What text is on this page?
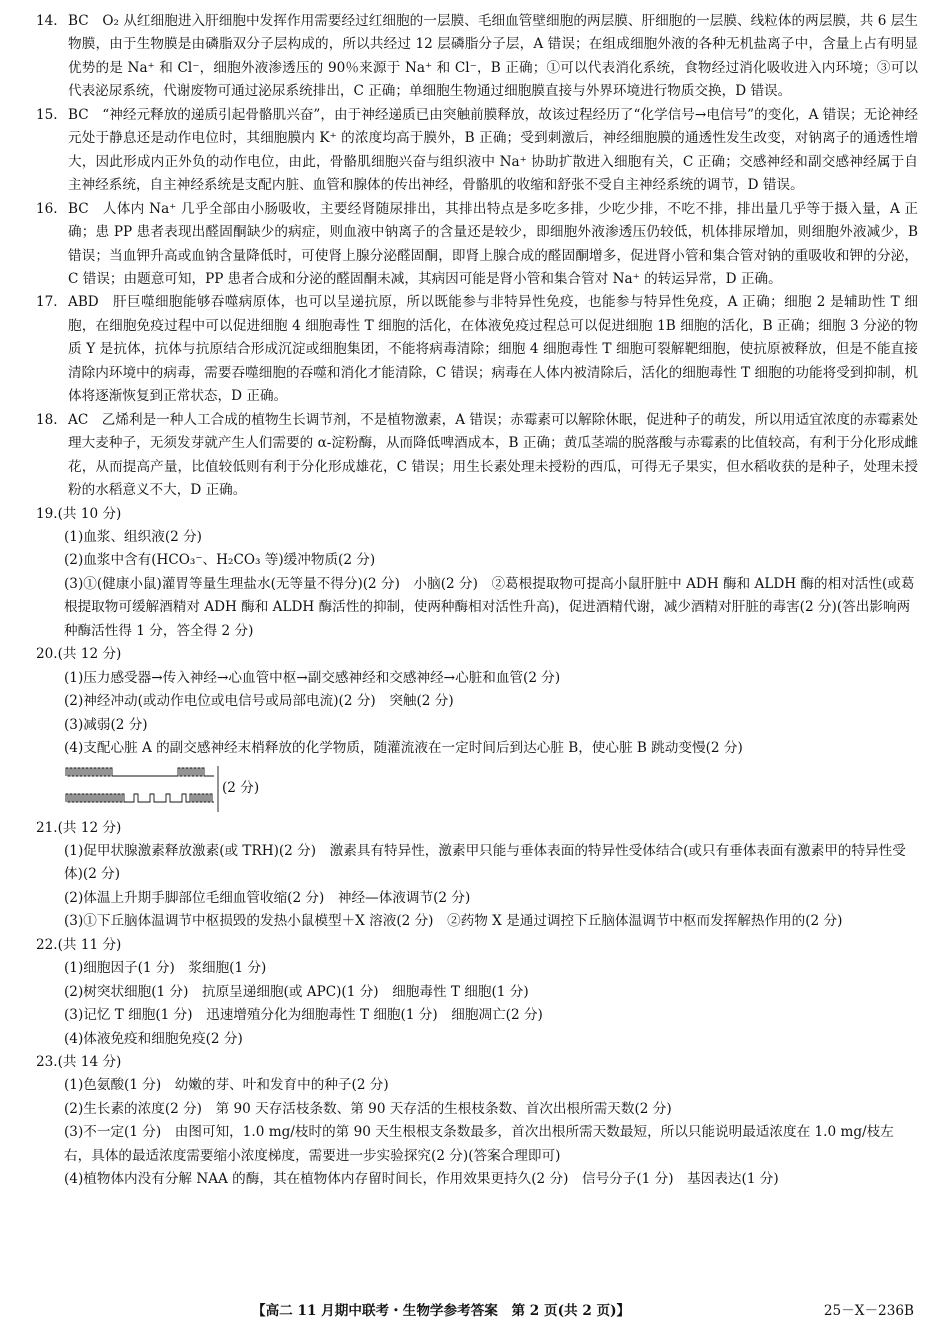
14. BC　O₂ 从红细胞进入肝细胞中发挥作用需要经过红细胞的一层膜、毛细血管壁细胞的两层膜、肝细胞的一层膜、线粒体的两层膜，共 6 层生物膜，由于生物膜是由磷脂双分子层构成的，所以共经过 12 层磷脂分子层，A 错误；在组成细胞外液的各种无机盐离子中，含量上占有明显优势的是 Na⁺ 和 Cl⁻，细胞外液渗透压的 90％来源于 Na⁺ 和 Cl⁻，B 正确；①可以代表消化系统，食物经过消化吸收进入内环境；③可以代表泌尿系统，代谢废物可通过泌尿系统排出，C 正确；单细胞生物通过细胞膜直接与外界环境进行物质交换，D 错误。
15. BC　“神经元释放的递质引起骨骼肌兴奋”，由于神经递质已由突触前膜释放，故该过程经历了“化学信号→电信号”的变化，A 错误；无论神经元处于静息还是动作电位时，其细胞膜内 K⁺ 的浓度均高于膜外，B 正确；受到刺激后，神经细胞膜的通透性发生改变，对钠离子的通透性增大，因此形成内正外负的动作电位，由此，骨骼肌细胞兴奋与组织液中 Na⁺ 协助扩散进入细胞有关，C 正确；交感神经和副交感神经属于自主神经系统，自主神经系统是支配内脏、血管和腺体的传出神经，骨骼肌的收缩和舒张不受自主神经系统的调节，D 错误。
16. BC　人体内 Na⁺ 几乎全部由小肠吸收，主要经肾随尿排出，其排出特点是多吃多排，少吃少排，不吃不排，排出量几乎等于摄入量，A 正确；患 PP 患者表现出醛固酮缺少的病症，则血液中钠离子的含量还是较少，即细胞外液渗透压仍较低，机体排尿增加，则细胞外液减少，B 错误；当血钾升高或血钠含量降低时，可使肾上腺分泌醛固酮，即肾上腺合成的醛固酮增多，促进肾小管和集合管对钠的重吸收和钾的分泌，C 错误；由题意可知，PP 患者合成和分泌的醛固酮未减，其病因可能是肾小管和集合管对 Na⁺ 的转运异常，D 正确。
17. ABD　肝巨噬细胞能够吞噬病原体，也可以呈递抗原，所以既能参与非特异性免疫，也能参与特异性免疫，A 正确；细胞 2 是辅助性 T 细胞，在细胞免疫过程中可以促进细胞 4 细胞毒性 T 细胞的活化，在体液免疫过程总可以促进细胞 1B 细胞的活化，B 正确；细胞 3 分泌的物质 Y 是抗体，抗体与抗原结合形成沉淀或细胞集团，不能将病毒清除；细胞 4 细胞毒性 T 细胞可裂解靶细胞，使抗原被释放，但是不能直接清除内环境中的病毒，需要吞噬细胞的吞噬和消化才能清除，C 错误；病毒在人体内被清除后，活化的细胞毒性 T 细胞的功能将受到抑制，机体将逐渐恢复到正常状态，D 正确。
18. AC　乙烯利是一种人工合成的植物生长调节剂，不是植物激素，A 错误；赤霉素可以解除休眠，促进种子的萌发，所以用适宜浓度的赤霉素处理大麦种子，无须发芽就产生人们需要的 α-淀粉酶，从而降低啤酒成本，B 正确；黄瓜茎端的脱落酸与赤霉素的比值较高，有利于分化形成雌花，从而提高产量，比值较低则有利于分化形成雄花，C 错误；用生长素处理未授粉的西瓜，可得无子果实，但水稻收获的是种子，处理未授粉的水稻意义不大，D 正确。
19.(共 10 分)
(1)血浆、组织液(2 分)
(2)血浆中含有(HCO₃⁻、H₂CO₃ 等)缓冲物质(2 分)
(3)①(健康小鼠)灌胃等量生理盐水(无等量不得分)(2 分)　小脑(2 分)　②葛根提取物可提高小鼠肝脏中 ADH 酶和 ALDH 酶的相对活性(或葛根提取物可缓解酒精对 ADH 酶和 ALDH 酶活性的抑制，使两种酶相对活性升高)，促进酒精代谢，减少酒精对肝脏的毒害(2 分)(答出影响两种酶活性得 1 分，答全得 2 分)
20.(共 12 分)
(1)压力感受器→传入神经→心血管中枢→副交感神经和交感神经→心脏和血管(2 分)
(2)神经冲动(或动作电位或电信号或局部电流)(2 分)　突触(2 分)
(3)减弱(2 分)
(4)支配心脏 A 的副交感神经末梢释放的化学物质，随灌流液在一定时间后到达心脏 B，使心脏 B 跳动变慢(2 分)
(2 分)
21.(共 12 分)
(1)促甲状腺激素释放激素(或 TRH)(2 分)　激素具有特异性，激素甲只能与垂体表面的特异性受体结合(或只有垂体表面有激素甲的特异性受体)(2 分)
(2)体温上升期手脚部位毛细血管收缩(2 分)　神经—体液调节(2 分)
(3)①下丘脑体温调节中枢损毁的发热小鼠模型＋X 溶液(2 分)　②药物 X 是通过调控下丘脑体温调节中枢而发挥解热作用的(2 分)
22.(共 11 分)
(1)细胞因子(1 分)　浆细胞(1 分)
(2)树突状细胞(1 分)　抗原呈递细胞(或 APC)(1 分)　细胞毒性 T 细胞(1 分)
(3)记忆 T 细胞(1 分)　迅速增殖分化为细胞毒性 T 细胞(1 分)　细胞凋亡(2 分)
(4)体液免疫和细胞免疫(2 分)
23.(共 14 分)
(1)色氨酸(1 分)　幼嫩的芽、叶和发育中的种子(2 分)
(2)生长素的浓度(2 分)　第 90 天存活枝条数、第 90 天存活的生根枝条数、首次出根所需天数(2 分)
(3)不一定(1 分)　由图可知，1.0 mg/枝时的第 90 天生根根支条数最多，首次出根所需天数最短，所以只能说明最适浓度在 1.0 mg/枝左右，具体的最适浓度需要缩小浓度梯度，需要进一步实验探究(2 分)(答案合理即可)
(4)植物体内没有分解 NAA 的酶，其在植物体内存留时间长，作用效果更持久(2 分)　信号分子(1 分)　基因表达(1 分)
【高二 11 月期中联考・生物学参考答案　第 2 页(共 2 页)】	25－X－236B
